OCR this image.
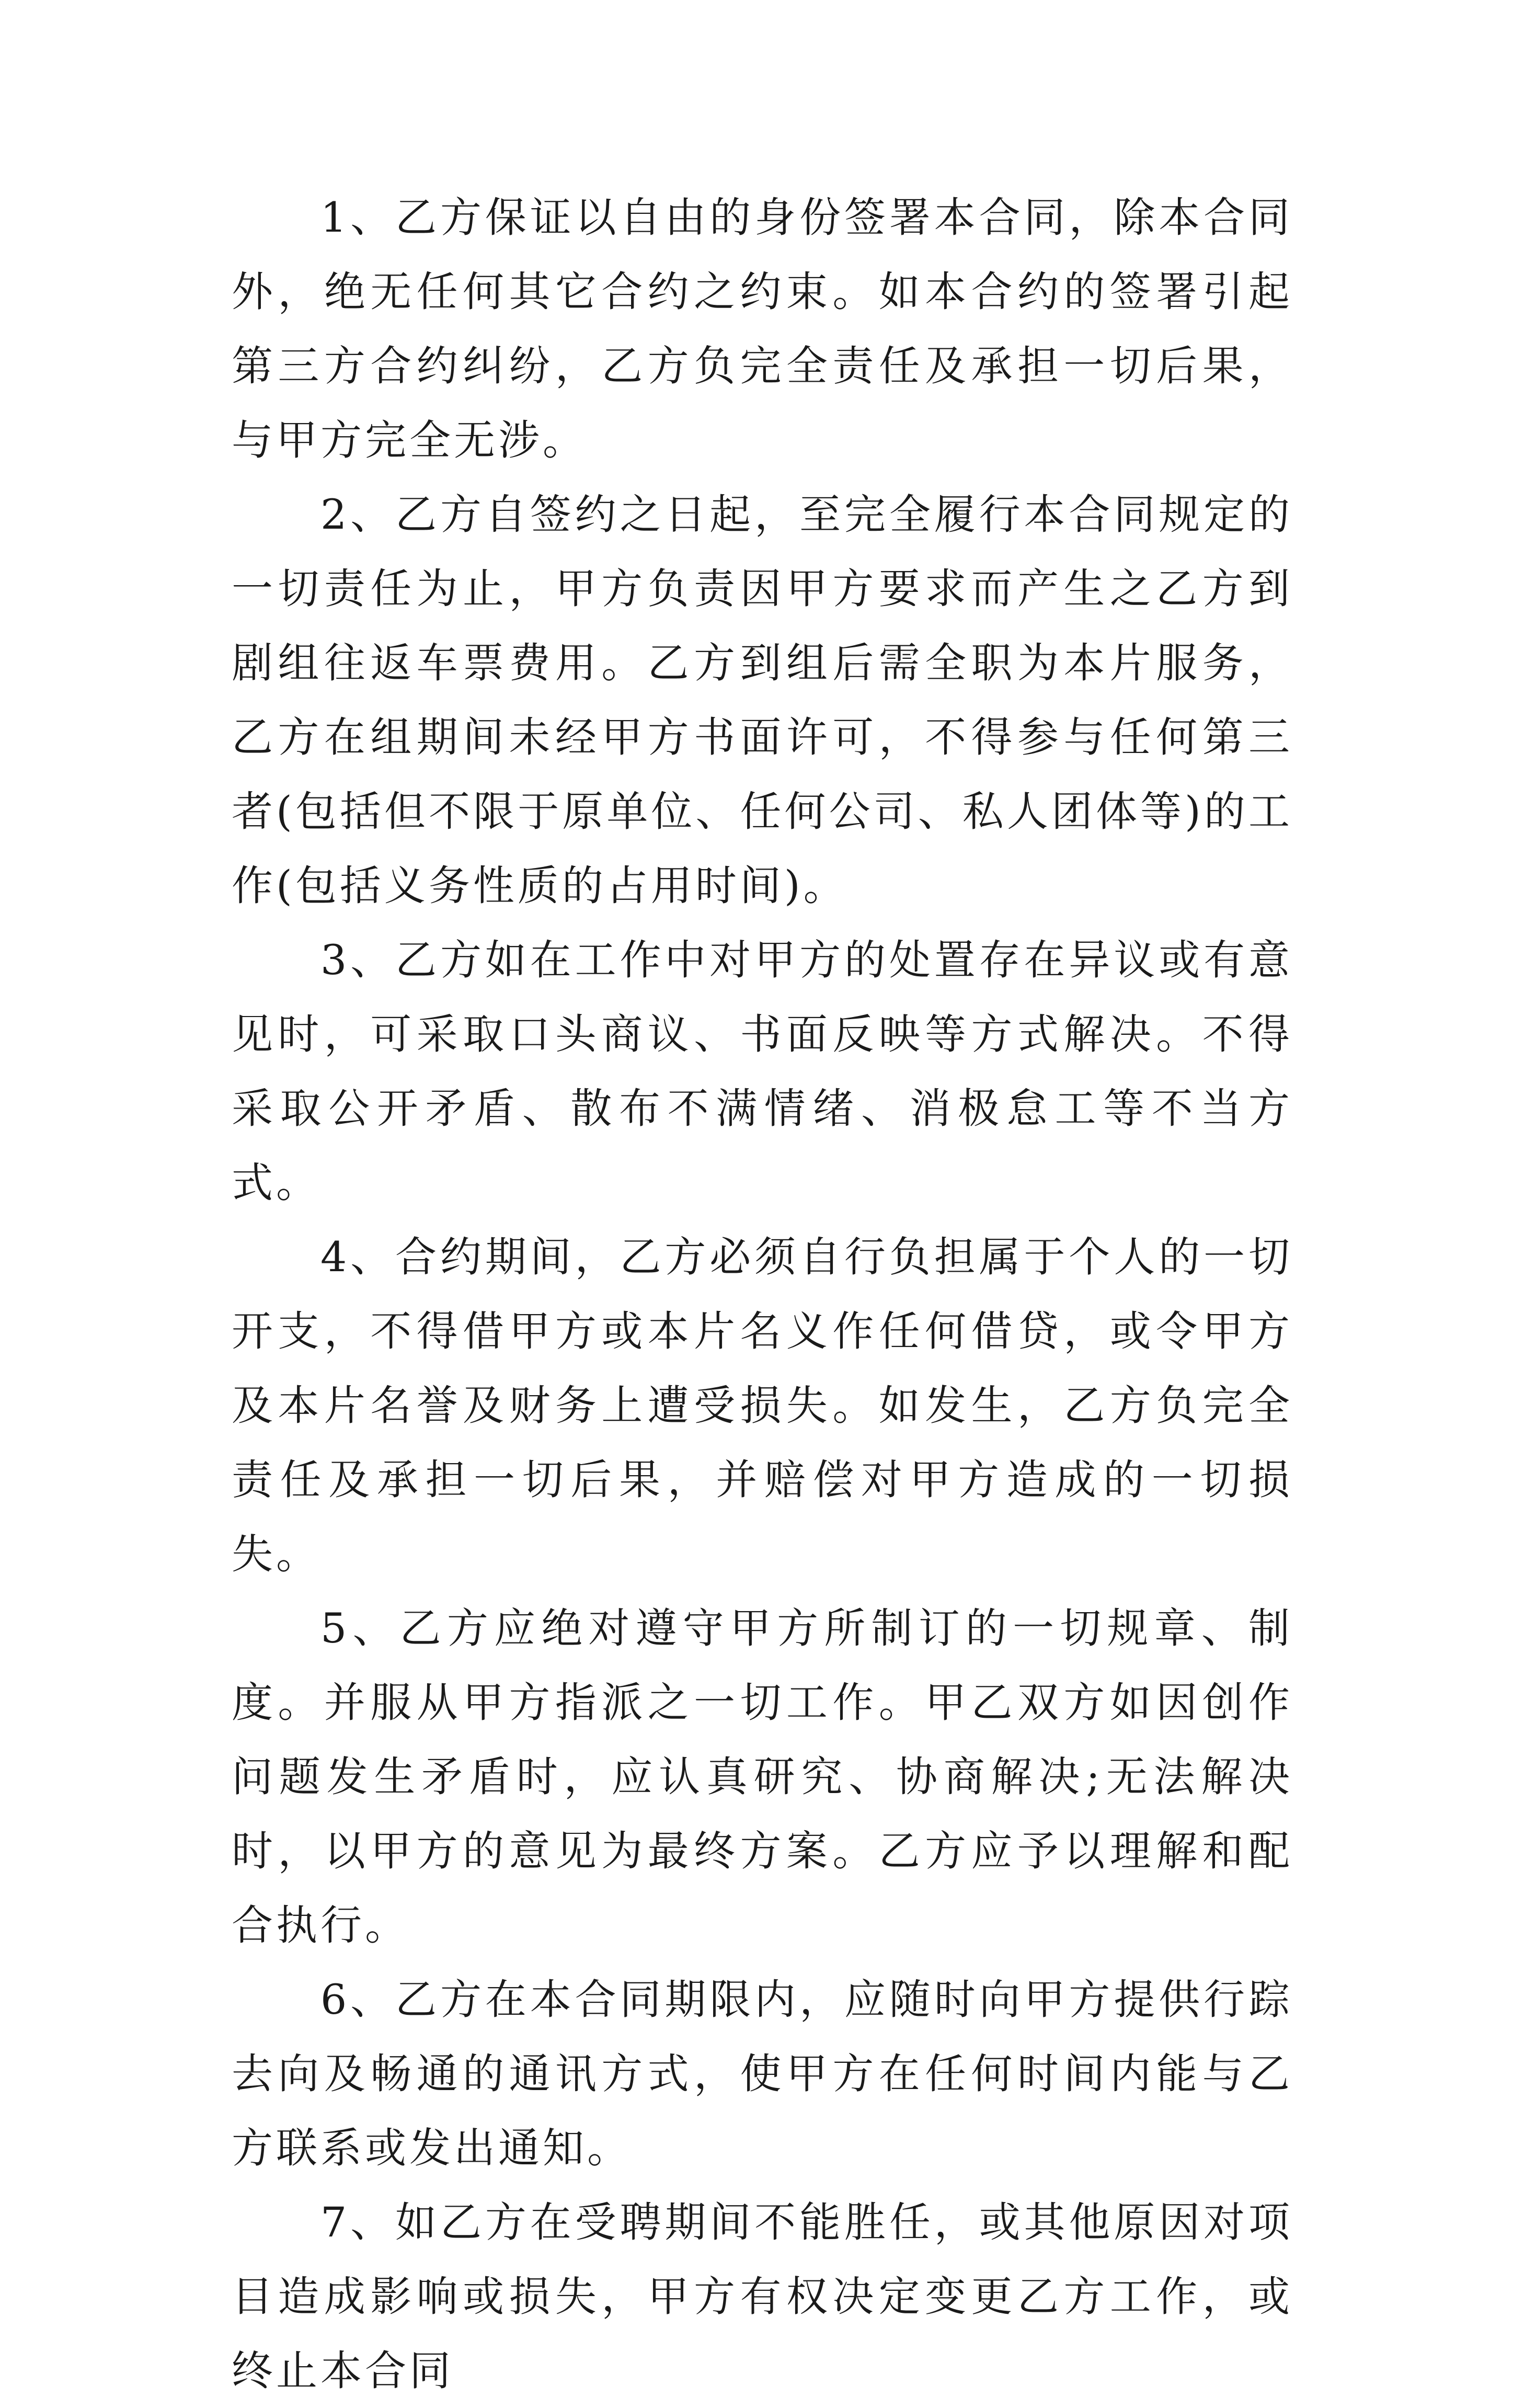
1、乙方保证以自由的身份签署本合同，除本合同外，绝无任何其它合约之约束。如本合约的签署引起第三方合约纠纷，乙方负完全责任及承担一切后果，与甲方完全无涉。

2、乙方自签约之日起，至完全履行本合同规定的一切责任为止，甲方负责因甲方要求而产生之乙方到剧组往返车票费用。乙方到组后需全职为本片服务，乙方在组期间未经甲方书面许可，不得参与任何第三者(包括但不限于原单位、任何公司、私人团体等)的工作(包括义务性质的占用时间)。

3、乙方如在工作中对甲方的处置存在异议或有意见时，可采取口头商议、书面反映等方式解决。不得采取公开矛盾、散布不满情绪、消极怠工等不当方式。

4、合约期间，乙方必须自行负担属于个人的一切开支，不得借甲方或本片名义作任何借贷，或令甲方及本片名誉及财务上遭受损失。如发生，乙方负完全责任及承担一切后果，并赔偿对甲方造成的一切损失。

5、乙方应绝对遵守甲方所制订的一切规章、制度。并服从甲方指派之一切工作。甲乙双方如因创作问题发生矛盾时，应认真研究、协商解决;无法解决时，以甲方的意见为最终方案。乙方应予以理解和配合执行。

6、乙方在本合同期限内，应随时向甲方提供行踪去向及畅通的通讯方式，使甲方在任何时间内能与乙方联系或发出通知。

7、如乙方在受聘期间不能胜任，或其他原因对项目造成影响或损失，甲方有权决定变更乙方工作，或终止本合同
